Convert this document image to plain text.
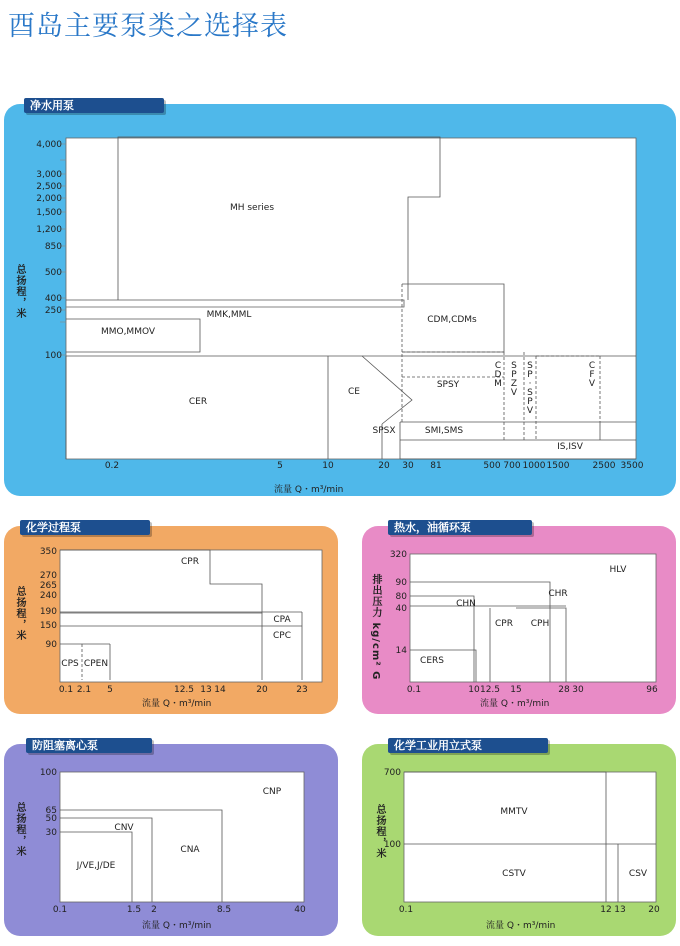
酉岛主要泵类之选择表
净水用泵
总扬程，米
4,000
3,000
2,500
2,000
1,500
1,200
850
500
400
250
100
0.2	5	10	20 30 81	500 700 1000 1500	2500 3500
MH series
MMK,MML
MMO,MMOV
CDM,CDMs
CER
CE
SPSY
SPSX	SMI,SMS
IS,ISV
C
D
M
S
P
Z
V
S
P
·
S
P
V
C
F
V
流量 Q・m³/min
化学过程泵
总扬程，米
350
270
265
240
190
150
90
0.1 2.1 5	12.5 13 14	20	23
CPR
CPA
CPC
CPS CPEN
流量 Q・m³/min
热水，油循环泵
排出压力 kg/cm² G
320
90
80
40
14
0.1	10 12.5 15	28 30	96
HLV
CHR
CHN
CPR CPH
CERS
流量 Q・m³/min
防阻塞离心泵
总扬程，米
100
65
50
30
0.1	1.5 2	8.5	40
CNP
CNA
CNV
J/VE,J/DE
流量 Q・m³/min
化学工业用立式泵
总扬程，米
700
100
0.1	12 13	20
MMTV
CSTV	CSV
流量 Q・m³/min
